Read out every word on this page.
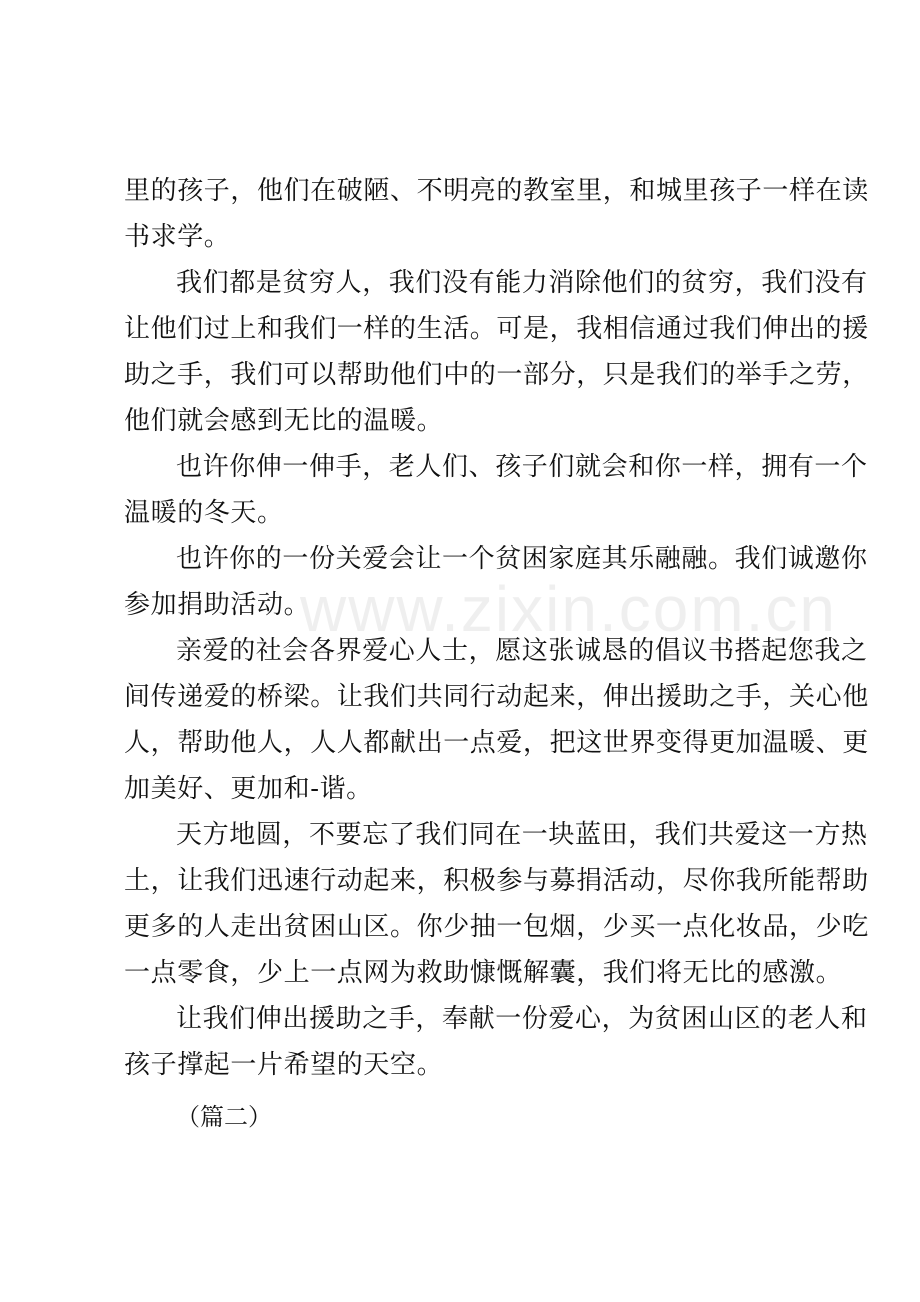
www.zixin.com.cn
里的孩子，他们在破陋、不明亮的教室里，和城里孩子一样在读
书求学。
我们都是贫穷人，我们没有能力消除他们的贫穷，我们没有
让他们过上和我们一样的生活。可是，我相信通过我们伸出的援
助之手，我们可以帮助他们中的一部分，只是我们的举手之劳，
他们就会感到无比的温暖。
也许你伸一伸手，老人们、孩子们就会和你一样，拥有一个
温暖的冬天。
也许你的一份关爱会让一个贫困家庭其乐融融。我们诚邀你
参加捐助活动。
亲爱的社会各界爱心人士，愿这张诚恳的倡议书搭起您我之
间传递爱的桥梁。让我们共同行动起来，伸出援助之手，关心他
人，帮助他人，人人都献出一点爱，把这世界变得更加温暖、更
加美好、更加和-谐。
天方地圆，不要忘了我们同在一块蓝田，我们共爱这一方热
土，让我们迅速行动起来，积极参与募捐活动，尽你我所能帮助
更多的人走出贫困山区。你少抽一包烟，少买一点化妆品，少吃
一点零食，少上一点网为救助慷慨解囊，我们将无比的感激。
让我们伸出援助之手，奉献一份爱心，为贫困山区的老人和
孩子撑起一片希望的天空。
（篇二）
